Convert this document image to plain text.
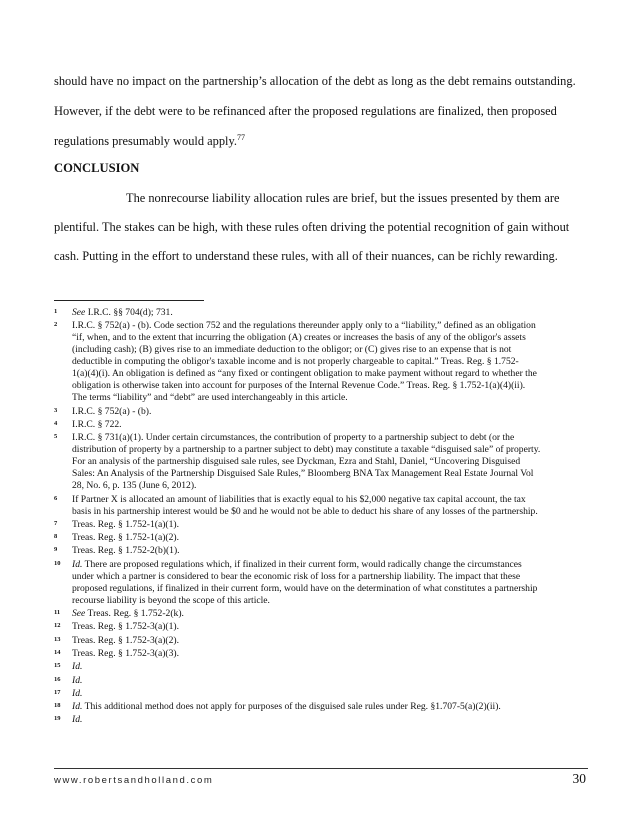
should have no impact on the partnership’s allocation of the debt as long as the debt remains outstanding.

However, if the debt were to be refinanced after the proposed regulations are finalized, then proposed

regulations presumably would apply.$^{77}$

CONCLUSION

The nonrecourse liability allocation rules are brief, but the issues presented by them are

plentiful. The stakes can be high, with these rules often driving the potential recognition of gain without

cash. Putting in the effort to understand these rules, with all of their nuances, can be richly rewarding.

1 See I.R.C. §§ 704(d); 731.
2 I.R.C. § 752(a) - (b). Code section 752 and the regulations thereunder apply only to a “liability,” defined as an obligation
“if, when, and to the extent that incurring the obligation (A) creates or increases the basis of any of the obligor's assets
(including cash); (B) gives rise to an immediate deduction to the obligor; or (C) gives rise to an expense that is not
deductible in computing the obligor's taxable income and is not properly chargeable to capital.” Treas. Reg. § 1.752-
1(a)(4)(i). An obligation is defined as “any fixed or contingent obligation to make payment without regard to whether the
obligation is otherwise taken into account for purposes of the Internal Revenue Code.” Treas. Reg. § 1.752-1(a)(4)(ii).
The terms “liability” and “debt” are used interchangeably in this article.
3 I.R.C. § 752(a) - (b).
4 I.R.C. § 722.
5 I.R.C. § 731(a)(1). Under certain circumstances, the contribution of property to a partnership subject to debt (or the
distribution of property by a partnership to a partner subject to debt) may constitute a taxable “disguised sale” of property.
For an analysis of the partnership disguised sale rules, see Dyckman, Ezra and Stahl, Daniel, “Uncovering Disguised
Sales: An Analysis of the Partnership Disguised Sale Rules,” Bloomberg BNA Tax Management Real Estate Journal Vol
28, No. 6, p. 135 (June 6, 2012).
6 If Partner X is allocated an amount of liabilities that is exactly equal to his $2,000 negative tax capital account, the tax
basis in his partnership interest would be $0 and he would not be able to deduct his share of any losses of the partnership.
7 Treas. Reg. § 1.752-1(a)(1).
8 Treas. Reg. § 1.752-1(a)(2).
9 Treas. Reg. § 1.752-2(b)(1).
10 Id. There are proposed regulations which, if finalized in their current form, would radically change the circumstances
under which a partner is considered to bear the economic risk of loss for a partnership liability. The impact that these
proposed regulations, if finalized in their current form, would have on the determination of what constitutes a partnership
recourse liability is beyond the scope of this article.
11 See Treas. Reg. § 1.752-2(k).
12 Treas. Reg. § 1.752-3(a)(1).
13 Treas. Reg. § 1.752-3(a)(2).
14 Treas. Reg. § 1.752-3(a)(3).
15 Id.
16 Id.
17 Id.
18 Id. This additional method does not apply for purposes of the disguised sale rules under Reg. §1.707-5(a)(2)(ii).
19 Id.
www.robertsandholland.com	30
